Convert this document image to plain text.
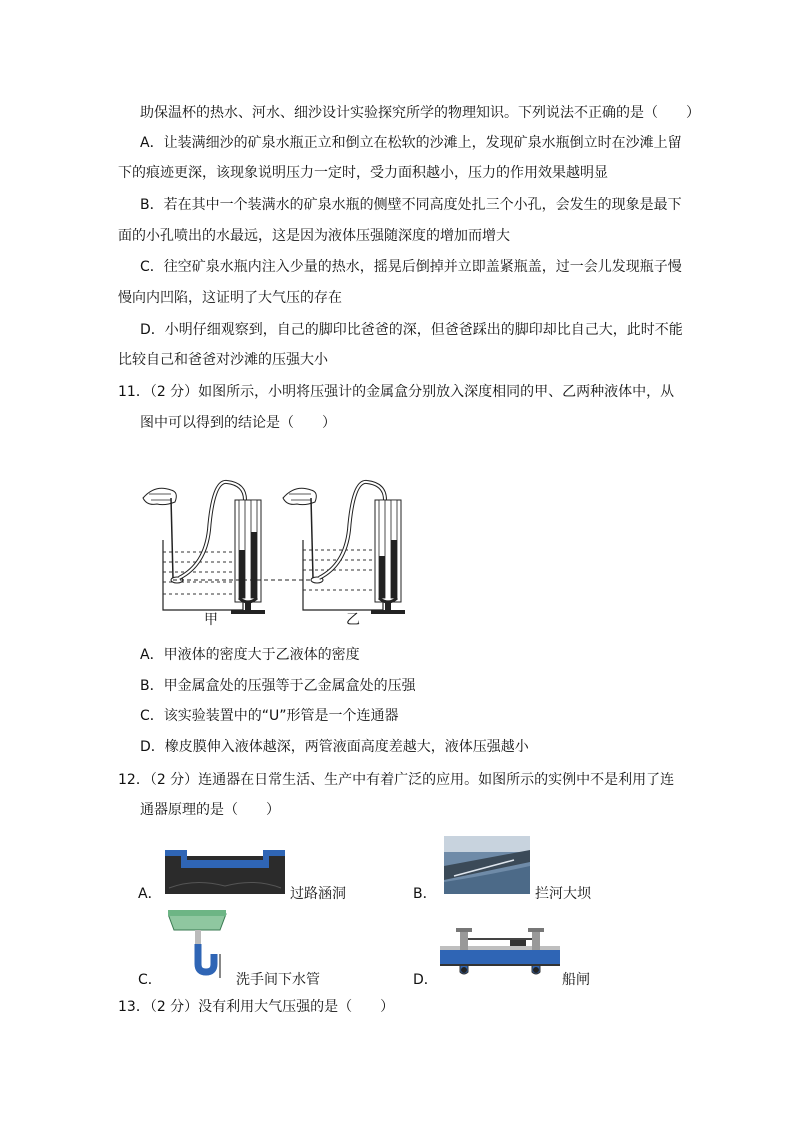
助保温杯的热水、河水、细沙设计实验探究所学的物理知识。下列说法不正确的是（　　）
A．让装满细沙的矿泉水瓶正立和倒立在松软的沙滩上，发现矿泉水瓶倒立时在沙滩上留
下的痕迹更深，该现象说明压力一定时，受力面积越小，压力的作用效果越明显
B．若在其中一个装满水的矿泉水瓶的侧壁不同高度处扎三个小孔，会发生的现象是最下
面的小孔喷出的水最远，这是因为液体压强随深度的增加而增大
C．往空矿泉水瓶内注入少量的热水，摇晃后倒掉并立即盖紧瓶盖，过一会儿发现瓶子慢
慢向内凹陷，这证明了大气压的存在
D．小明仔细观察到，自己的脚印比爸爸的深，但爸爸踩出的脚印却比自己大，此时不能
比较自己和爸爸对沙滩的压强大小
11．（2 分）如图所示，小明将压强计的金属盒分别放入深度相同的甲、乙两种液体中，从
图中可以得到的结论是（　　）
甲	乙
A．甲液体的密度大于乙液体的密度
B．甲金属盒处的压强等于乙金属盒处的压强
C．该实验装置中的“U”形管是一个连通器
D．橡皮膜伸入液体越深，两管液面高度差越大，液体压强越小
12．（2 分）连通器在日常生活、生产中有着广泛的应用。如图所示的实例中不是利用了连
通器原理的是（　　）
A．	过路涵洞	B．	拦河大坝
C．	洗手间下水管	D．	船闸
13．（2 分）没有利用大气压强的是（　　）
